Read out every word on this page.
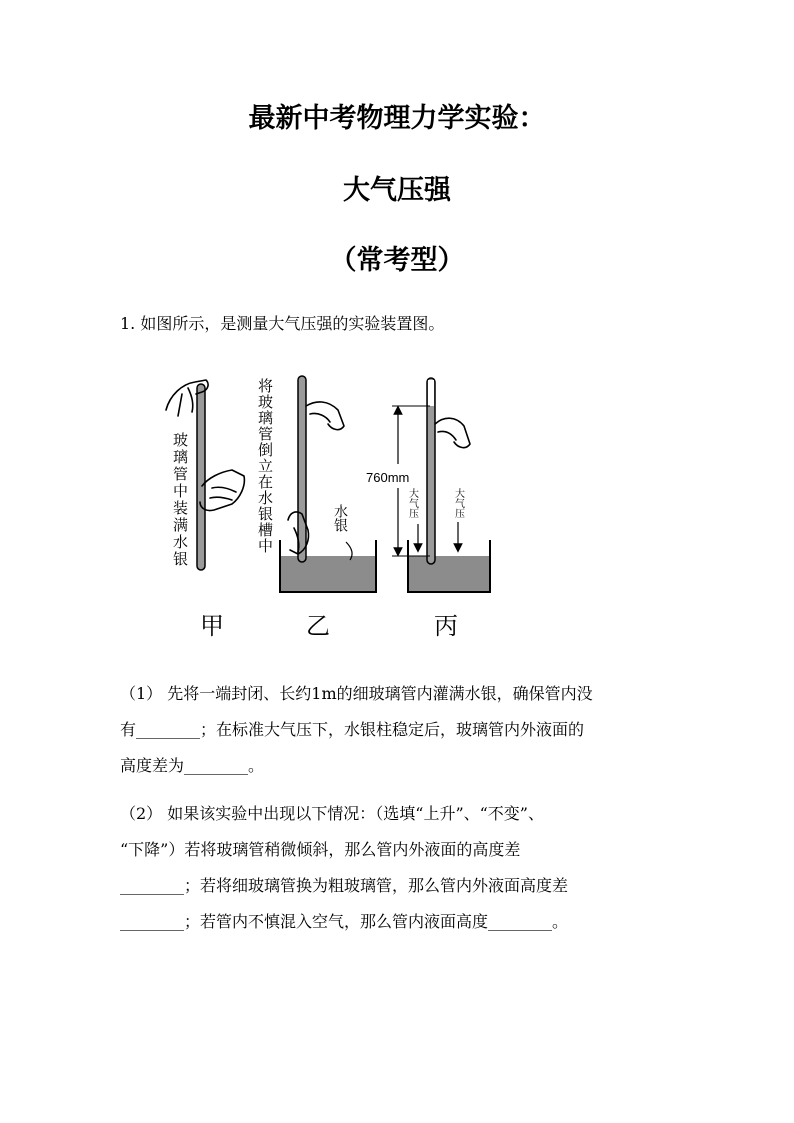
最新中考物理力学实验：
大气压强
（常考型）
1. 如图所示，是测量大气压强的实验装置图。
玻璃管中装满水银	将玻璃管倒立在水银槽中	水银
760mm
大气压	大气压
甲	乙	丙
（1） 先将一端封闭、长约1m的细玻璃管内灌满水银，确保管内没
有________；在标准大气压下，水银柱稳定后，玻璃管内外液面的
高度差为________。
（2） 如果该实验中出现以下情况：（选填“上升”、“不变”、
“下降”）若将玻璃管稍微倾斜，那么管内外液面的高度差
________；若将细玻璃管换为粗玻璃管，那么管内外液面高度差
________；若管内不慎混入空气，那么管内液面高度________。
